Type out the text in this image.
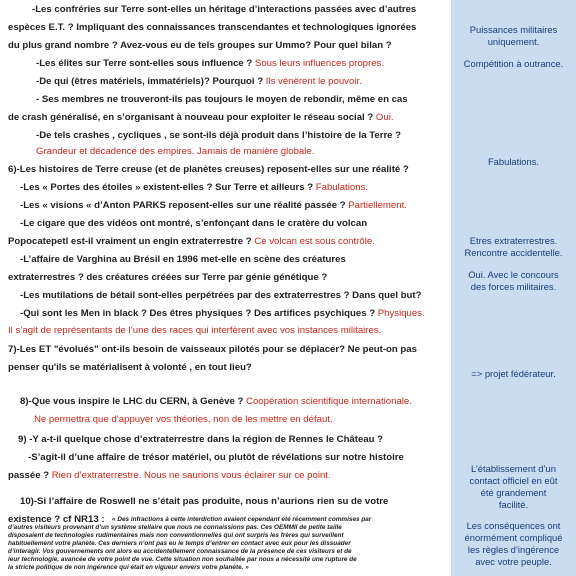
-Les confréries sur Terre sont-elles un héritage d’interactions passées avec d’autres
espèces E.T. ? Impliquant des connaissances transcendantes et technologiques ignorées
du plus grand nombre ? Avez-vous eu de tels groupes sur Ummo? Pour quel bilan ?
-Les élites sur Terre sont-elles sous influence ? Sous leurs influences propres.
-De qui (êtres matériels, immatériels)? Pourquoi ? Ils vénèrent le pouvoir.
- Ses membres ne trouveront-ils pas toujours le moyen de rebondir, même en cas
de crash généralisé, en s’organisant à nouveau pour exploiter le réseau social ? Oui.
-De tels crashes , cycliques , se sont-ils déjà produit dans l’histoire de la Terre ?
Grandeur et décadence des empires. Jamais de manière globale.
6)-Les histoires de Terre creuse (et de planètes creuses) reposent-elles sur une réalité ?
-Les « Portes des étoiles » existent-elles ? Sur Terre et ailleurs ? Fabulations.
-Les « visions « d’Anton PARKS reposent-elles sur une réalité passée ? Partiellement.
-Le cigare que des vidéos ont montré, s’enfonçant dans le cratère du volcan
Popocatepetl est-il vraiment un engin extraterrestre ? Ce volcan est sous contrôle.
-L’affaire de Varghina au Brésil en 1996 met-elle en scène des créatures
extraterrestres ? des créatures créées sur Terre par génie génétique ?
-Les mutilations de bétail sont-elles perpétrées par des extraterrestres ? Dans quel but?
-Qui sont les Men in black ? Des êtres physiques ? Des artifices psychiques ? Physiques.
Il s’agit de représentants de l’une des races qui interfèrent avec vos instances militaires.
7)-Les ET "évolués" ont-ils besoin de vaisseaux pilotés pour se déplacer? Ne peut-on pas
penser qu'ils se matérialisent à volonté , en tout lieu?
8)-Que vous inspire le LHC du CERN, à Genève ? Coopération scientifique internationale.
Ne permettra que d’appuyer vos théories, non de les mettre en défaut.
9) -Y a-t-il quelque chose d’extraterrestre dans la région de Rennes le Château ?
-S’agit-il d’une affaire de trésor matériel, ou plutôt de révélations sur notre histoire
passée ? Rien d’extraterrestre. Nous ne saurions vous éclairer sur ce point.
10)-Si l’affaire de Roswell ne s’était pas produite, nous n’aurions rien su de votre
existence ? cf NR13 : « Des infractions à cette interdiction avaient cependant été récemment commises par
d’autres visiteurs provenant d’un système stellaire que nous ne connaissions pas. Ces OEMMII de petite taille
disposaient de technologies rudimentaires mais non conventionnelles qui ont surpris les frères qui surveillent
habituellement votre planète. Ces derniers n’ont pas eu le temps d’entrer en contact avec eux pour les dissuader
d’interagir. Vos gouvernements ont alors eu accidentellement connaissance de la présence de ces visiteurs et de
leur technologie, avancée de votre point de vue. Cette situation non souhaitée par nous a nécessité une rupture de
la stricte politique de non ingérence qui était en vigueur envers votre planète. »
Puissances militaires
uniquement.
Compétition à outrance.
Fabulations.
Etres extraterrestres.
Rencontre accidentelle.
Oui. Avec le concours
des forces militaires.
=> projet fédérateur.
L’établissement d’un
contact officiel en eût
été grandement
facilité.
Les conséquences ont
énormément compliqué
les règles d’ingérence
avec votre peuple.
